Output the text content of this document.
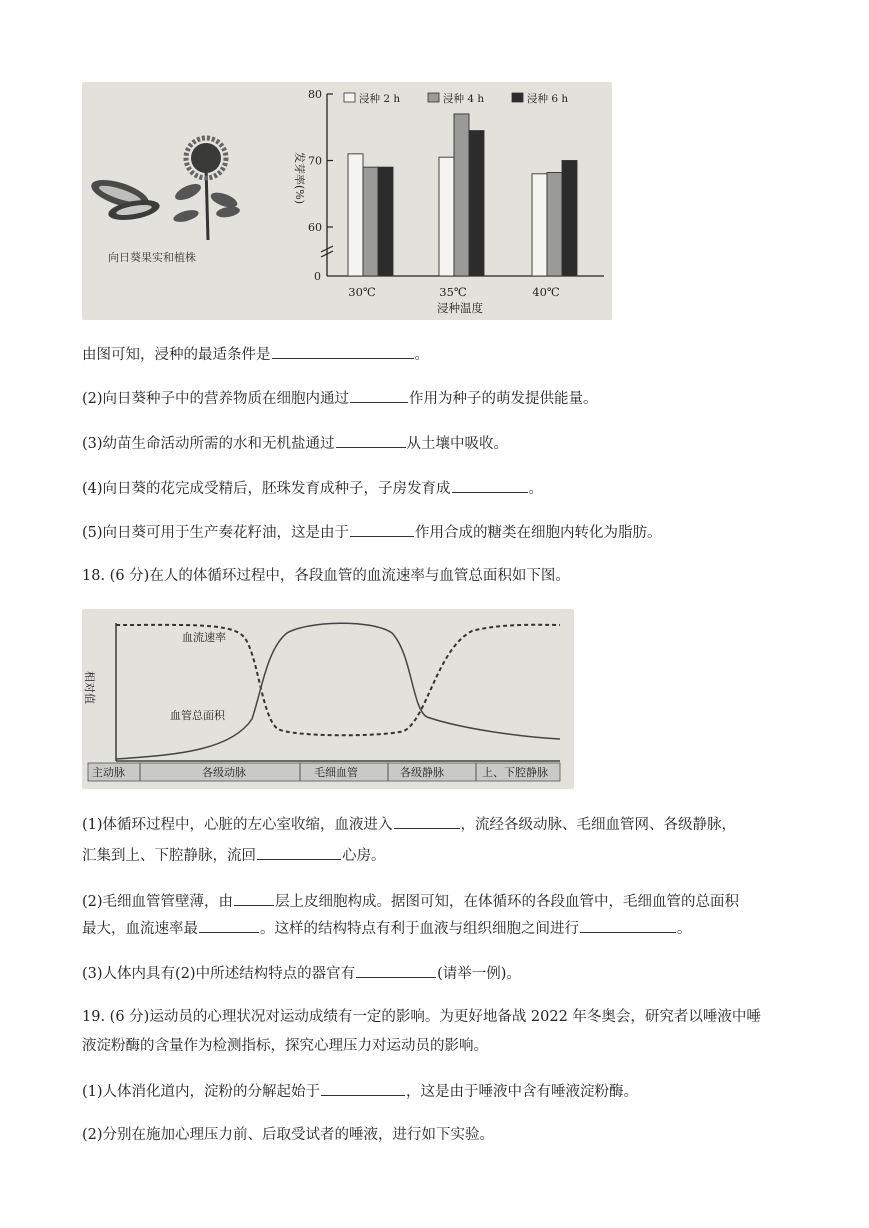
向日葵果实和植株
80
70
60
0
30℃	35℃	40℃
浸种 2 h	浸种 4 h	浸种 6 h
发芽率(%)
浸种温度
由图可知，浸种的最适条件是	。
(2)向日葵种子中的营养物质在细胞内通过	作用为种子的萌发提供能量。
(3)幼苗生命活动所需的水和无机盐通过	从土壤中吸收。
(4)向日葵的花完成受精后，胚珠发育成种子，子房发育成	。
(5)向日葵可用于生产奏花籽油，这是由于	作用合成的糖类在细胞内转化为脂肪。
18. (6 分)在人的体循环过程中，各段血管的血流速率与血管总面积如下图。
相对值
血流速率
血管总面积
主动脉	各级动脉	毛细血管	各级静脉	上、下腔静脉
(1)体循环过程中，心脏的左心室收缩，血液进入	，流经各级动脉、毛细血管网、各级静脉，
汇集到上、下腔静脉，流回	心房。
(2)毛细血管管壁薄，由	层上皮细胞构成。据图可知，在体循环的各段血管中，毛细血管的总面积
最大，血流速率最	。这样的结构特点有利于血液与组织细胞之间进行	。
(3)人体内具有(2)中所述结构特点的器官有	(请举一例)。
19. (6 分)运动员的心理状况对运动成绩有一定的影响。为更好地备战 2022 年冬奥会，研究者以唾液中唾
液淀粉酶的含量作为检测指标，探究心理压力对运动员的影响。
(1)人体消化道内，淀粉的分解起始于	，这是由于唾液中含有唾液淀粉酶。
(2)分别在施加心理压力前、后取受试者的唾液，进行如下实验。
